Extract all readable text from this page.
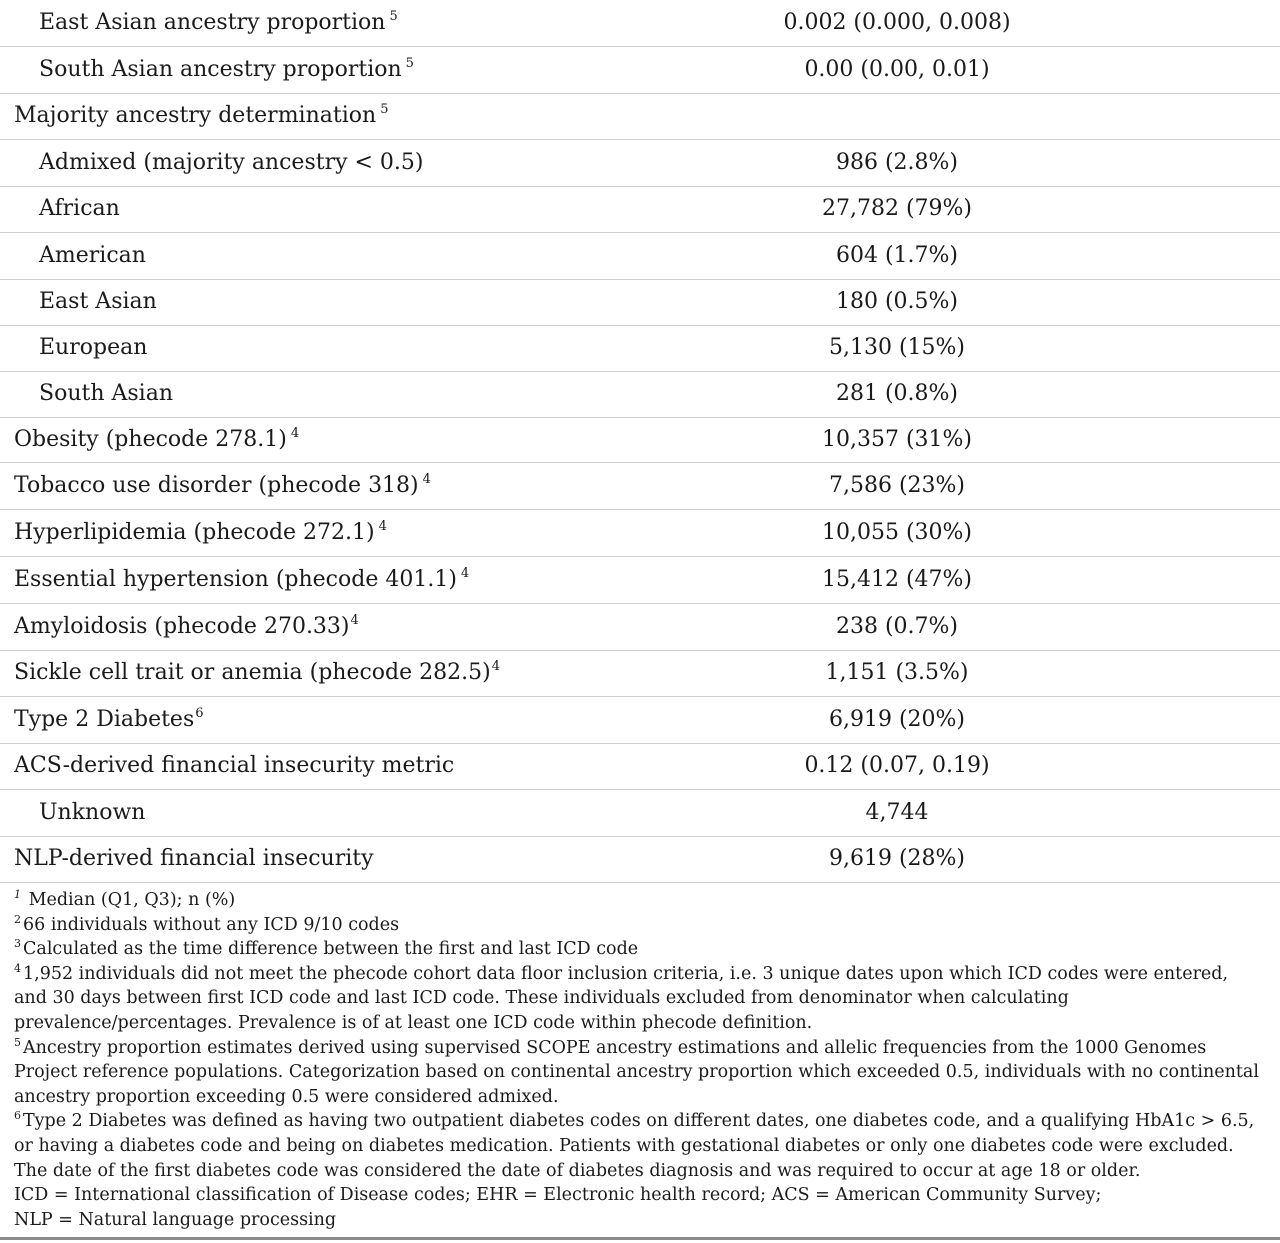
East Asian ancestry proportion $^5$	0.002 (0.000, 0.008)
South Asian ancestry proportion $^5$	0.00 (0.00, 0.01)
Majority ancestry determination $^5$
Admixed (majority ancestry < 0.5)	986 (2.8%)
African	27,782 (79%)
American	604 (1.7%)
East Asian	180 (0.5%)
European	5,130 (15%)
South Asian	281 (0.8%)
Obesity (phecode 278.1) $^4$	10,357 (31%)
Tobacco use disorder (phecode 318) $^4$	7,586 (23%)
Hyperlipidemia (phecode 272.1) $^4$	10,055 (30%)
Essential hypertension (phecode 401.1) $^4$	15,412 (47%)
Amyloidosis (phecode 270.33)$^4$	238 (0.7%)
Sickle cell trait or anemia (phecode 282.5)$^4$	1,151 (3.5%)
Type 2 Diabetes$^6$	6,919 (20%)
ACS-derived financial insecurity metric	0.12 (0.07, 0.19)
Unknown	4,744
NLP-derived financial insecurity	9,619 (28%)

$^1$ Median (Q1, Q3); n (%)

$^2$ 66 individuals without any ICD 9/10 codes

$^3$ Calculated as the time difference between the first and last ICD code

$^4$ 1,952 individuals did not meet the phecode cohort data floor inclusion criteria, i.e. 3 unique dates upon which ICD codes were entered, and 30 days between first ICD code and last ICD code. These individuals excluded from denominator when calculating prevalence/percentages. Prevalence is of at least one ICD code within phecode definition.

$^5$ Ancestry proportion estimates derived using supervised SCOPE ancestry estimations and allelic frequencies from the 1000 Genomes Project reference populations. Categorization based on continental ancestry proportion which exceeded 0.5, individuals with no continental ancestry proportion exceeding 0.5 were considered admixed.

$^6$ Type 2 Diabetes was defined as having two outpatient diabetes codes on different dates, one diabetes code, and a qualifying HbA1c > 6.5, or having a diabetes code and being on diabetes medication. Patients with gestational diabetes or only one diabetes code were excluded. The date of the first diabetes code was considered the date of diabetes diagnosis and was required to occur at age 18 or older.

ICD = International classification of Disease codes; EHR = Electronic health record; ACS = American Community Survey;

NLP = Natural language processing
